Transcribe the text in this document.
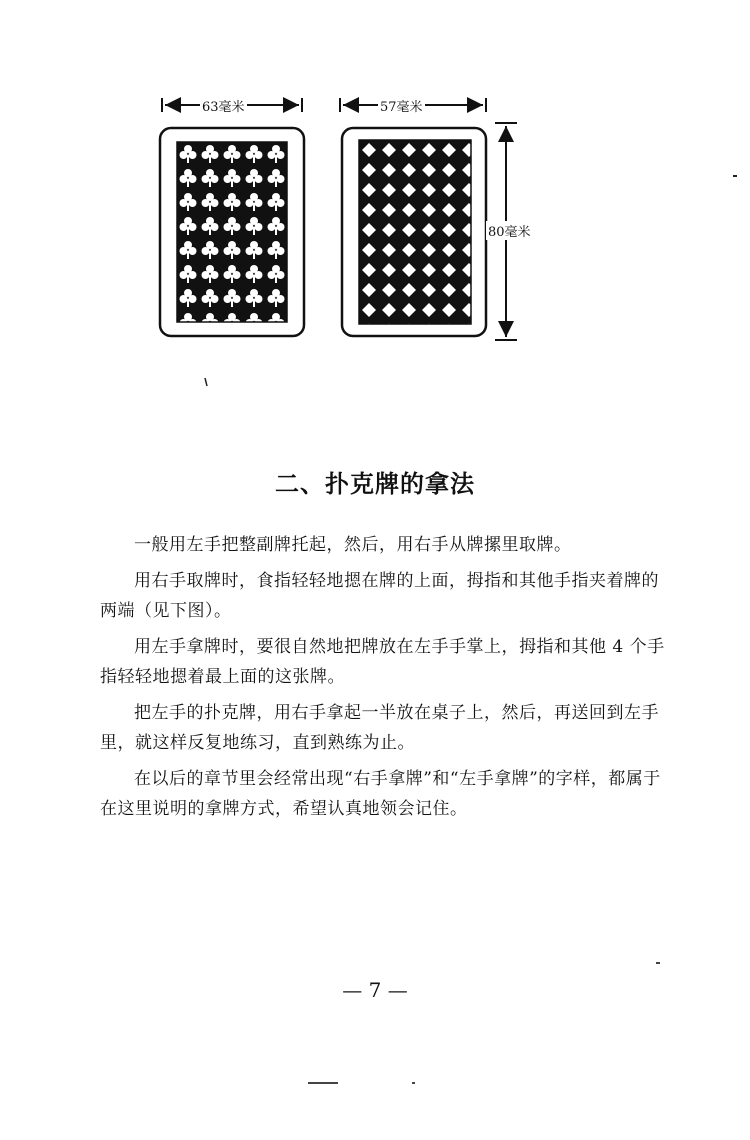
63毫米	57毫米
80毫米
二、扑克牌的拿法

一般用左手把整副牌托起，然后，用右手从牌摞里取牌。

用右手取牌时，食指轻轻地摁在牌的上面，拇指和其他手指夹着牌的两端（见下图）。

用左手拿牌时，要很自然地把牌放在左手手掌上，拇指和其他 4 个手指轻轻地摁着最上面的这张牌。

把左手的扑克牌，用右手拿起一半放在桌子上，然后，再送回到左手里，就这样反复地练习，直到熟练为止。

在以后的章节里会经常出现“右手拿牌”和“左手拿牌”的字样，都属于在这里说明的拿牌方式，希望认真地领会记住。

— 7 —
